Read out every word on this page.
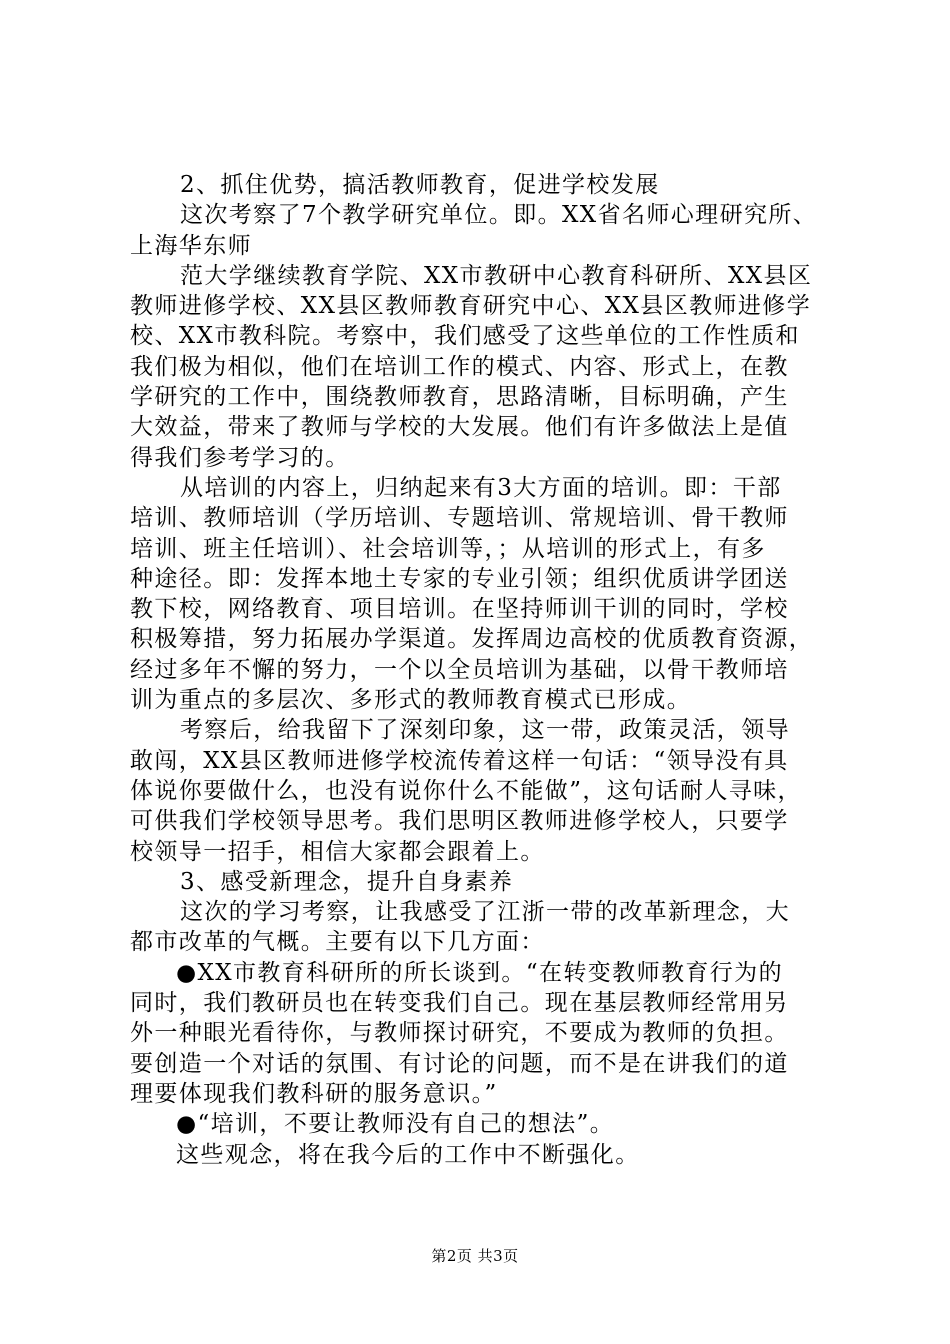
2、抓住优势，搞活教师教育，促进学校发展
这次考察了7个教学研究单位。即。XX省名师心理研究所、
上海华东师
范大学继续教育学院、XX市教研中心教育科研所、XX县区
教师进修学校、XX县区教师教育研究中心、XX县区教师进修学
校、XX市教科院。考察中，我们感受了这些单位的工作性质和
我们极为相似，他们在培训工作的模式、内容、形式上，在教
学研究的工作中，围绕教师教育，思路清晰，目标明确，产生
大效益，带来了教师与学校的大发展。他们有许多做法上是值
得我们参考学习的。
从培训的内容上，归纳起来有3大方面的培训。即：干部
培训、教师培训（学历培训、专题培训、常规培训、骨干教师
培训、班主任培训）、社会培训等，；从培训的形式上，有多
种途径。即：发挥本地土专家的专业引领；组织优质讲学团送
教下校，网络教育、项目培训。在坚持师训干训的同时，学校
积极筹措，努力拓展办学渠道。发挥周边高校的优质教育资源，
经过多年不懈的努力，一个以全员培训为基础，以骨干教师培
训为重点的多层次、多形式的教师教育模式已形成。
考察后，给我留下了深刻印象，这一带，政策灵活，领导
敢闯，XX县区教师进修学校流传着这样一句话：“领导没有具
体说你要做什么，也没有说你什么不能做”，这句话耐人寻味，
可供我们学校领导思考。我们思明区教师进修学校人，只要学
校领导一招手，相信大家都会跟着上。
3、感受新理念，提升自身素养
这次的学习考察，让我感受了江浙一带的改革新理念，大
都市改革的气概。主要有以下几方面：
●XX市教育科研所的所长谈到。“在转变教师教育行为的
同时，我们教研员也在转变我们自己。现在基层教师经常用另
外一种眼光看待你，与教师探讨研究，不要成为教师的负担。
要创造一个对话的氛围、有讨论的问题，而不是在讲我们的道
理要体现我们教科研的服务意识。”
●“培训，不要让教师没有自己的想法”。
这些观念，将在我今后的工作中不断强化。
第2页 共3页
